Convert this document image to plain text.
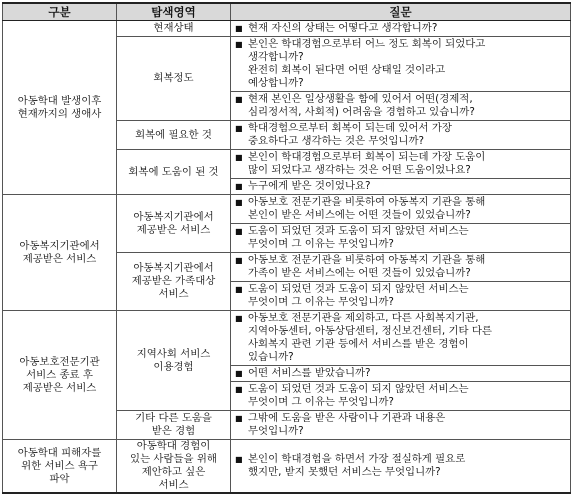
구분	탐색영역	질문

아동학대 발생이후
현재까지의 생애사	현재상태	■ 현재 자신의 상태는 어떻다고 생각합니까?

	회복정도	■ 본인은 학대경험으로부터 어느 정도 회복이 되었다고
생각합니까?
완전히 회복이 된다면 어떤 상태일 것이라고
예상합니까?

		■ 현재 본인은 일상생활을 함에 있어서 어떤(경제적,
심리정서적, 사회적) 어려움을 경험하고 있습니까?

	회복에 필요한 것	■ 학대경험으로부터 회복이 되는데 있어서 가장
중요하다고 생각하는 것은 무엇입니까?

	회복에 도움이 된 것	■ 본인이 학대경험으로부터 회복이 되는데 가장 도움이
많이 되었다고 생각하는 것은 어떤 도움이었나요?

		■ 누구에게 받은 것이었나요?

아동복지기관에서
제공받은 서비스	아동복지기관에서
제공받은 서비스	■ 아동보호 전문기관을 비롯하여 아동복지 기관을 통해
본인이 받은 서비스에는 어떤 것들이 있었습니까?

		■ 도움이 되었던 것과 도움이 되지 않았던 서비스는
무엇이며 그 이유는 무엇입니까?

	아동복지기관에서
제공받은 가족대상
서비스	■ 아동보호 전문기관을 비롯하여 아동복지 기관을 통해
가족이 받은 서비스에는 어떤 것들이 있었습니까?

		■ 도움이 되었던 것과 도움이 되지 않았던 서비스는
무엇이며 그 이유는 무엇입니까?

아동보호전문기관
서비스 종료 후
제공받은 서비스	지역사회 서비스
이용경험	■ 아동보호 전문기관을 제외하고, 다른 사회복지기관,
지역아동센터, 아동상담센터, 정신보건센터, 기타 다른
사회복지 관련 기관 등에서 서비스를 받은 경험이
있습니까?

		■ 어떤 서비스를 받았습니까?

		■ 도움이 되었던 것과 도움이 되지 않았던 서비스는
무엇이며 그 이유는 무엇입니까?

	기타 다른 도움을
받은 경험	■ 그밖에 도움을 받은 사람이나 기관과 내용은
무엇입니까?

아동학대 피해자를
위한 서비스 욕구
파악	아동학대 경험이
있는 사람들을 위해
제안하고 싶은
서비스	■ 본인이 학대경험을 하면서 가장 절실하게 필요로
했지만, 받지 못했던 서비스는 무엇입니까?
